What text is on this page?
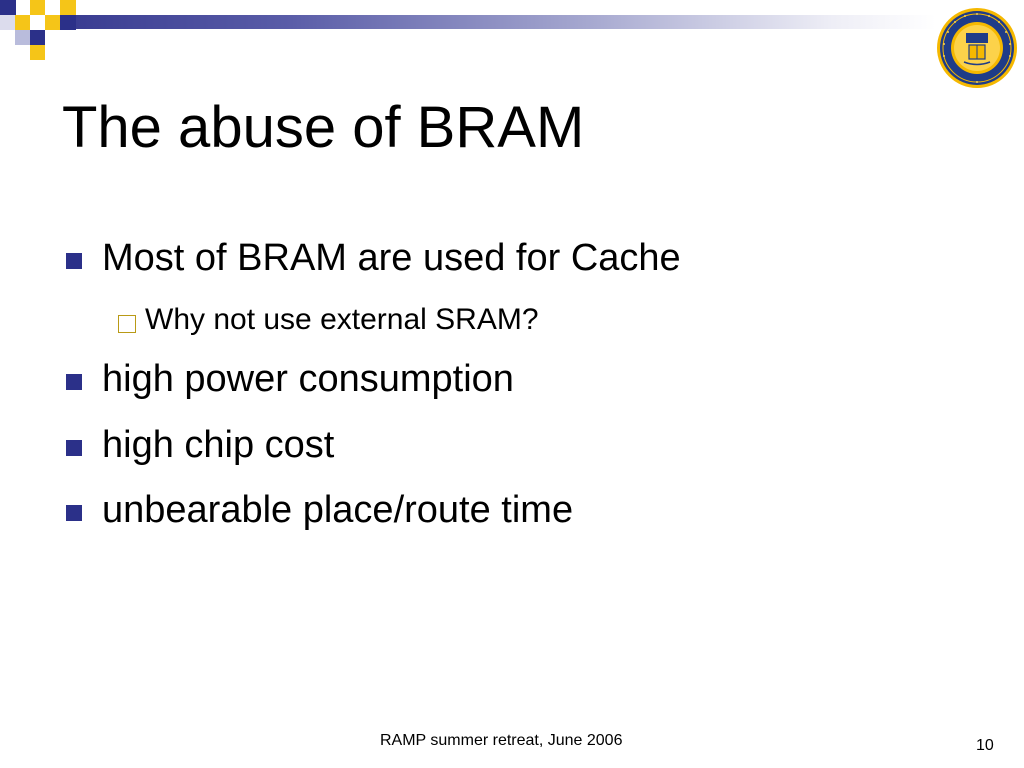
The abuse of BRAM
Most of BRAM are used for Cache
Why not use external SRAM?
high power consumption
high chip cost
unbearable place/route time
RAMP summer retreat, June 2006	10
